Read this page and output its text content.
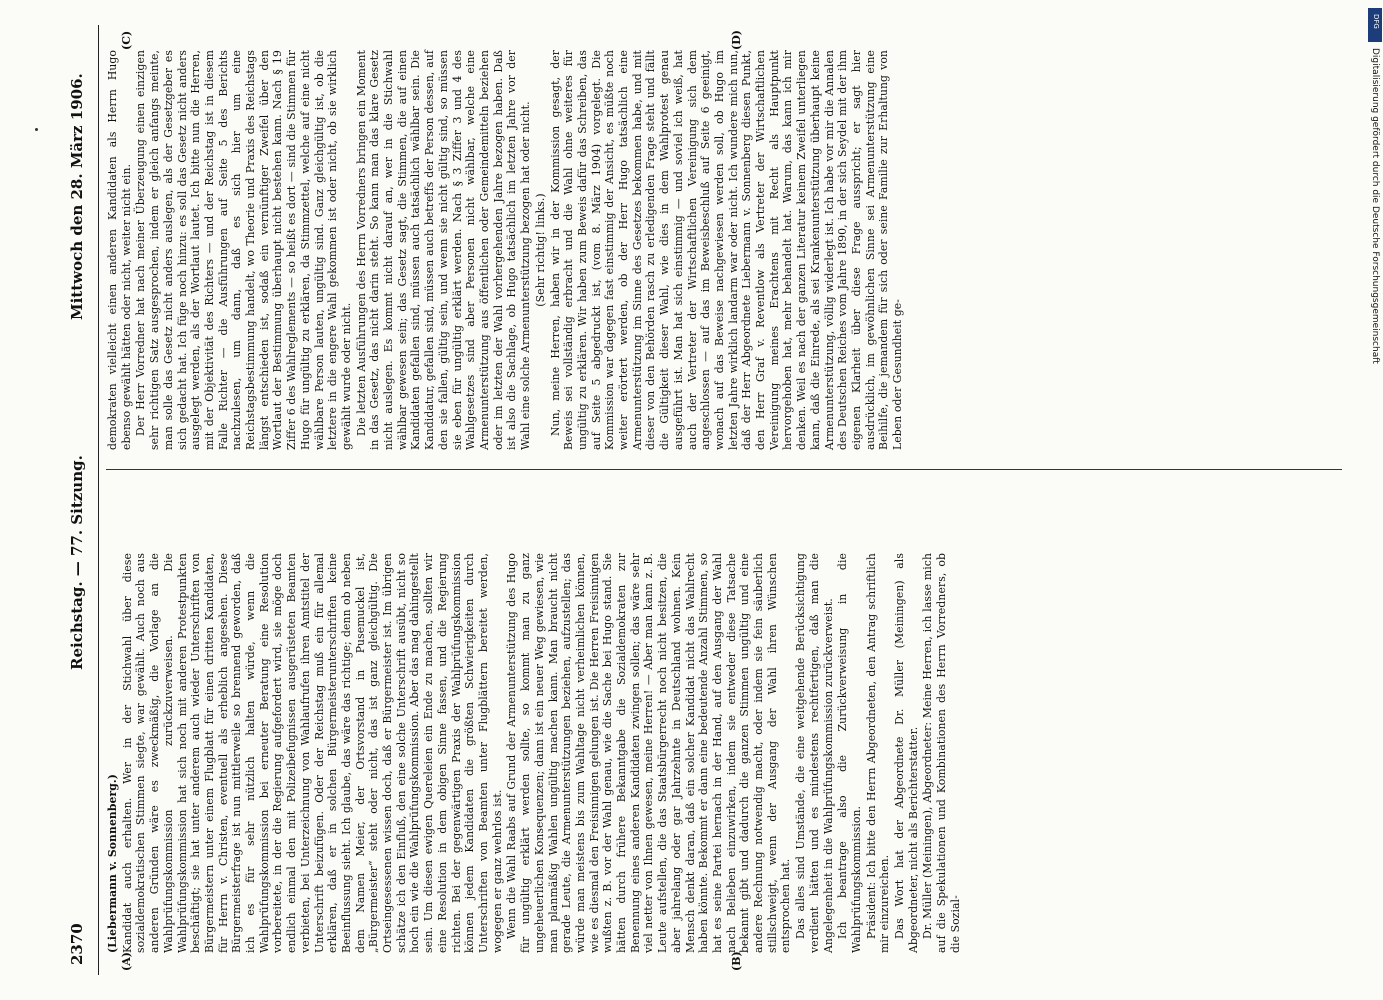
2370
Reichstag. — 77. Sitzung.
Mittwoch den 28. März 1906.
(A)	(B)
(C)	(D)

(Liebermann v. Sonnenberg.) Kandidat auch erhalten. Wer in der Stichwahl über diese sozialdemokratischen Stimmen siegte, war gewählt. Auch noch aus anderen Gründen wäre es zweckmäßig, die Vorlage an die Wahlprüfungskommission zurückzuverweisen. Die Wahlprüfungskommission hat sich noch mit anderen Protestpunkten beschäftigt; sie hat unter anderem auch wieder Unterschriften von Bürgermeistern unter einem Flugblatt für einen dritten Kandidaten, für Herrn v. Christen, eventuell als erheblich angesehen. Diese Bürgermeisterfrage ist nun mittlerweile so brennend geworden, daß ich es für sehr nützlich halten würde, wenn die Wahlprüfungskommission bei erneuter Beratung eine Resolution vorbereitete, in der die Regierung aufgefordert wird, sie möge doch endlich einmal den mit Polizeibefugnissen ausgerüsteten Beamten verbieten, bei Unterzeichnung von Wahlaufrufen ihren Amtstitel der Unterschrift beizufügen. Oder der Reichstag muß ein für allemal erklären, daß er in solchen Bürgermeisterunterschriften keine Beeinflussung sieht. Ich glaube, das wäre das richtige; denn ob neben dem Namen Meier, der Ortsvorstand in Pusemuckel ist, „Bürgermeister“ steht oder nicht, das ist ganz gleichgültig. Die Ortseingesessenen wissen doch, daß er Bürgermeister ist. Im übrigen schätze ich den Einfluß, den eine solche Unterschrift ausübt, nicht so hoch ein wie die Wahlprüfungskommission. Aber das mag dahingestellt sein. Um diesen ewigen Quereleien ein Ende zu machen, sollten wir eine Resolution in dem obigen Sinne fassen, und die Regierung richten. Bei der gegenwärtigen Praxis der Wahlprüfungskommission können jedem Kandidaten die größten Schwierigkeiten durch Unterschriften von Beamten unter Flugblättern bereitet werden, wogegen er ganz wehrlos ist. Wenn die Wahl Raabs auf Grund der Armenunterstützung des Hugo für ungültig erklärt werden sollte, so kommt man zu ganz ungeheuerlichen Konsequenzen; dann ist ein neuer Weg gewiesen, wie man planmäßig Wahlen ungültig machen kann. Man braucht nicht gerade Leute, die Armenunterstützungen beziehen, aufzustellen; das würde man meistens bis zum Wahltage nicht verheimlichen können, wie es diesmal den Freisinnigen gelungen ist. Die Herren Freisinnigen wußten z. B. vor der Wahl genau, wie die Sache bei Hugo stand. Sie hätten durch frühere Bekanntgabe die Sozialdemokraten zur Benennung eines anderen Kandidaten zwingen sollen; das wäre sehr viel netter von Ihnen gewesen, meine Herren! — Aber man kann z. B. Leute aufstellen, die das Staatsbürgerrecht noch nicht besitzen, die aber jahrelang oder gar Jahrzehnte in Deutschland wohnen. Kein Mensch denkt daran, daß ein solcher Kandidat nicht das Wahlrecht haben könnte. Bekommt er dann eine bedeutende Anzahl Stimmen, so hat es seine Partei hernach in der Hand, auf den Ausgang der Wahl nach Belieben einzuwirken, indem sie entweder diese Tatsache bekannt gibt und dadurch die ganzen Stimmen ungültig und eine andere Rechnung notwendig macht, oder indem sie fein säuberlich stillschweigt, wenn der Ausgang der Wahl ihren Wünschen entsprochen hat. Das alles sind Umstände, die eine weitgehende Berücksichtigung verdient hätten und es mindestens rechtfertigen, daß man die Angelegenheit in die Wahlprüfungskommission zurückverweist. Ich beantrage also die Zurückverweisung in die Wahlprüfungskommission. Präsident: Ich bitte den Herrn Abgeordneten, den Antrag schriftlich mir einzureichen. Das Wort hat der Abgeordnete Dr. Müller (Meiningen) als Abgeordneter, nicht als Berichterstatter. Dr. Müller (Meiningen), Abgeordneter: Meine Herren, ich lasse mich auf die Spekulationen und Kombinationen des Herrn Vorredners, ob die Sozial-

demokraten vielleicht einen anderen Kandidaten als Herrn Hugo ebenso gewählt hätten oder nicht, weiter nicht ein. Der Herr Vorredner hat nach meiner Überzeugung einen einzigen sehr richtigen Satz ausgesprochen, indem er gleich anfangs meinte, man solle das Gesetz nicht anders auslegen, als der Gesetzgeber es sich gedacht hat. Ich füge noch hinzu: es soll das Gesetz nicht anders ausgelegt werden, als der Wortlaut lautet. Ich bitte nun die Herren, mit der Objektivität des Richters — und der Reichstag ist in diesem Falle Richter — die Ausführungen auf Seite 5 des Berichts nachzulesen, um dann, daß es sich hier um eine Reichstagsbestimmung handelt, wo Theorie und Praxis des Reichstags längst entschieden ist, sodaß ein vernünftiger Zweifel über den Wortlaut der Bestimmung überhaupt nicht bestehen kann. Nach § 19 Ziffer 6 des Wahlreglements — so heißt es dort — sind die Stimmen für Hugo für ungültig zu erklären, da Stimmzettel, welche auf eine nicht wählbare Person lauten, ungültig sind. Ganz gleichgültig ist, ob die letztere in die engere Wahl gekommen ist oder nicht, ob sie wirklich gewählt wurde oder nicht. Die letzten Ausführungen des Herrn Vorredners bringen ein Moment in das Gesetz, das nicht darin steht. So kann man das klare Gesetz nicht auslegen. Es kommt nicht darauf an, wer in die Stichwahl wählbar gewesen sein; das Gesetz sagt, die Stimmen, die auf einen Kandidaten gefallen sind, müssen auch tatsächlich wählbar sein. Die Kandidatur, gefallen sind, müssen auch betreffs der Person dessen, auf den sie fallen, gültig sein, und wenn sie nicht gültig sind, so müssen sie eben für ungültig erklärt werden. Nach § 3 Ziffer 3 und 4 des Wahlgesetzes sind aber Personen nicht wählbar, welche eine Armenunterstützung aus öffentlichen oder Gemeindemitteln beziehen oder im letzten der Wahl vorhergehenden Jahre bezogen haben. Daß ist also die Sachlage, ob Hugo tatsächlich im letzten Jahre vor der Wahl eine solche Armenunterstützung bezogen hat oder nicht. (Sehr richtig! links.) Nun, meine Herren, haben wir in der Kommission gesagt, der Beweis sei vollständig erbracht und die Wahl ohne weiteres für ungültig zu erklären. Wir haben zum Beweis dafür das Schreiben, das auf Seite 5 abgedruckt ist, (vom 8. März 1904) vorgelegt. Die Kommission war dagegen fast einstimmig der Ansicht, es müßte noch weiter erörtert werden, ob der Herr Hugo tatsächlich eine Armenunterstützung im Sinne des Gesetzes bekommen habe, und mit dieser von den Behörden rasch zu erledigenden Frage steht und fällt die Gültigkeit dieser Wahl, wie dies in dem Wahlprotest genau ausgeführt ist. Man hat sich einstimmig — und soviel ich weiß, hat auch der Vertreter der Wirtschaftlichen Vereinigung sich dem angeschlossen — auf das im Beweisbeschluß auf Seite 6 geeinigt, wonach auf das Beweise nachgewiesen werden soll, ob Hugo im letzten Jahre wirklich landarm war oder nicht. Ich wundere mich nun, daß der Herr Abgeordnete Liebermann v. Sonnenberg diesen Punkt, den Herr Graf v. Reventlow als Vertreter der Wirtschaftlichen Vereinigung meines Erachtens mit Recht als Hauptpunkt hervorgehoben hat, mehr behandelt hat. Warum, das kann ich mir denken. Weil es nach der ganzen Literatur keinem Zweifel unterliegen kann, daß die Einrede, als sei Krankenunterstützung überhaupt keine Armenunterstützung, völlig widerlegt ist. Ich habe vor mir die Annalen des Deutschen Reiches vom Jahre 1890, in der sich Seydel mit der ihm eigenen Klarheit über diese Frage ausspricht; er sagt hier ausdrücklich, im gewöhnlichen Sinne sei Armenunterstützung eine Beihilfe, die jemandem für sich oder seine Familie zur Erhaltung von Leben oder Gesundheit ge-

DFG
Digitalisierung gefördert durch die Deutsche Forschungsgemeinschaft
